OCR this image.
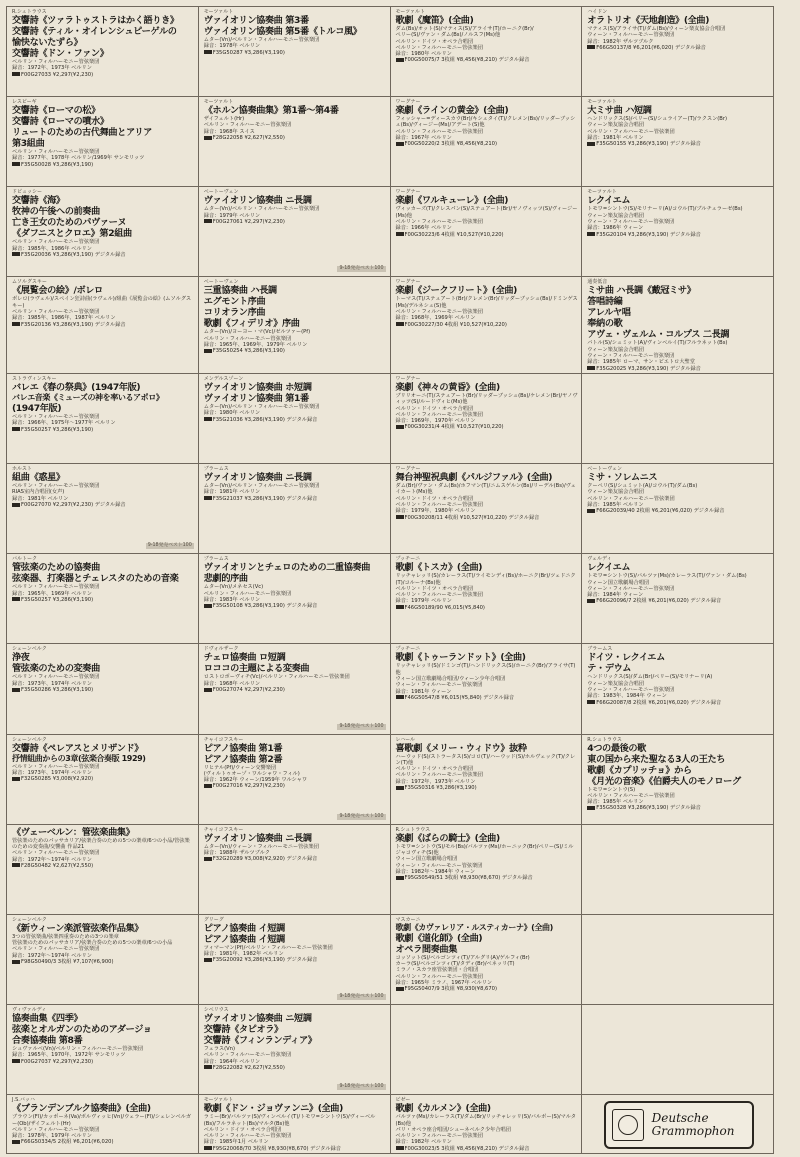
R.シュトラウス
交響詩《ツァラトゥストラはかく語りき》
交響詩《ティル・オイレンシュピーゲルの
愉快ないたずら》
交響詩《ドン・ファン》
ベルリン・フィルハーモニー管弦楽団
録音：1972年、1973年 ベルリン
F00G27033 ¥2,297(¥2,230)
モーツァルト
ヴァイオリン協奏曲 第3番
ヴァイオリン協奏曲 第5番《トルコ風》
ムター(Vn)/ベルリン・フィルハーモニー管弦楽団
録音：1978年 ベルリン
F35G50287 ¥3,286(¥3,190)
モーツァルト
歌劇《魔笛》(全曲)
ダム(Bs)/オット(S)/マティス(S)/アライサ(T)/ホーニク(Br)/
ペリー(S)/ヴァン・ダム(Bs)/ノルスフ(Ms)他
ベルリン・ドイツ・オペラ合唱団
ベルリン・フィルハーモニー管弦楽団
録音：1980年 ベルリン
F00G50075/7 3枚組 ¥8,456(¥8,210) デジタル録音
ハイドン
オラトリオ《天地創造》(全曲)
マティス(S)/アライサ(T)/ダム(Bs)/ウィーン楽友協会合唱団
ウィーン・フィルハーモニー管弦楽団
録音：1982年 ザルツブルク
F66G50137/8 ¥6,201(¥6,020) デジタル録音
レスピーギ
交響詩《ローマの松》
交響詩《ローマの噴水》
リュートのための古代舞曲とアリア
第3組曲
ベルリン・フィルハーモニー管弦楽団
録音：1977年、1978年 ベルリン/1969年 サンモリッツ
F35G50028 ¥3,286(¥3,190)
モーツァルト
《ホルン協奏曲集》第1番〜第4番
ザイフェルト(Hr)
ベルリン・フィルハーモニー管弦楽団
録音：1968年 スイス
F28G22058 ¥2,627(¥2,550)
ワーグナー
楽劇《ラインの黄金》(全曲)
フィッシャー=ディースカウ(Br)/キシュタイ(T)/クレメン(Bs)/リッダーブッシュ(Bs)/ヴィージー(Ms)/アデート(S)他
ベルリン・フィルハーモニー管弦楽団
録音：1967年 ベルリン
F00G50220/2 3枚組 ¥8,456(¥8,210)
モーツァルト
大ミサ曲 ハ短調
ヘンドリックス(S)/ペリー(S)/シュライアー(T)/ラクスン(Br)
ウィーン楽友協会合唱団
ベルリン・フィルハーモニー管弦楽団
録音：1981年 ベルリン
F35G50155 ¥3,286(¥3,190) デジタル録音
ドビュッシー
交響詩《海》
牧神の午後への前奏曲
亡き王女のためのパヴァーヌ
《ダフニスとクロエ》第2組曲
ベルリン・フィルハーモニー管弦楽団
録音：1985年、1986年 ベルリン
F35G20036 ¥3,286(¥3,190) デジタル録音
ベートーヴェン
ヴァイオリン協奏曲 ニ長調
ムター(Vn)/ベルリン・フィルハーモニー管弦楽団
録音：1979年 ベルリン
F00G27061 ¥2,297(¥2,230)
9-18発売ベスト100
ワーグナー
楽劇《ワルキューレ》(全曲)
ヴィッカーズ(T)/クレスパン(S)/ステュアート(Br)/ヤノヴィッツ(S)/ヴィージー(Ms)他
ベルリン・フィルハーモニー管弦楽団
録音：1966年 ベルリン
F00G30223/6 4枚組 ¥10,527(¥10,220)
モーツァルト
レクイエム
トモワ=シントウ(S)/モリナーリ(A)/コウル(T)/ブルチュラーゼ(Bs)
ウィーン楽友協会合唱団
ウィーン・フィルハーモニー管弦楽団
録音：1986年 ウィーン
F35G20104 ¥3,286(¥3,190) デジタル録音
ムソルグスキー
《展覧会の絵》/ボレロ
ボレロ(ラヴェル)/スペイン狂詩曲(ラヴェル)/組曲《展覧会の絵》(ムソルグスキー)
ベルリン・フィルハーモニー管弦楽団
録音：1985年、1986年、1987年 ベルリン
F35G20136 ¥3,286(¥3,190) デジタル録音
ベートーヴェン
三重協奏曲 ハ長調
エグモント序曲
コリオラン序曲
歌劇《フィデリオ》序曲
ムター(Vn)/ヨーヨー・マ(Vc)/ゼルツァー(Pf)
ベルリン・フィルハーモニー管弦楽団
録音：1965年、1969年、1979年 ベルリン
F35G50254 ¥3,286(¥3,190)
ワーグナー
楽劇《ジークフリート》(全曲)
トーマス(T)/ステュアート(Br)/クレメン(Br)/リッダーブッシュ(Bs)/ドミンゲス(Ms)/デルネシュ(S)他
ベルリン・フィルハーモニー管弦楽団
録音：1968年、1969年 ベルリン
F00G30227/30 4枚組 ¥10,527(¥10,220)
通奏低音
ミサ曲 ハ長調《戴冠ミサ》
答唱詩編
アレルヤ唱
奉納の歌
アヴェ・ヴェルム・コルプス 二長調
バトル(S)/シュミット(A)/ヴィンベルイ(T)/フルラネット(Bs)
ウィーン楽友協会合唱団
ウィーン・フィルハーモニー管弦楽団
録音：1985年 ローマ、サン・ピエトロ大聖堂
F35G20025 ¥3,286(¥3,190) デジタル録音
ストラヴィンスキー
バレエ《春の祭典》(1947年版)
バレエ音楽《ミューズの神を率いるアポロ》
(1947年版)
ベルリン・フィルハーモニー管弦楽団
録音：1966年、1975年〜1977年 ベルリン
F35G50257 ¥3,286(¥3,190)
メンデルスゾーン
ヴァイオリン協奏曲 ホ短調
ヴァイオリン協奏曲 第1番
ムター(Vn)/ベルリン・フィルハーモニー管弦楽団
録音：1980年 ベルリン
F35G21036 ¥3,286(¥3,190) デジタル録音
ワーグナー
楽劇《神々の黄昏》(全曲)
ブリリオーニ(T)/ステュアート(Br)/リッダーブッシュ(Bs)/ケレメン(Br)/ヤノヴィッツ(S)/ルードヴィヒ(Ms)他
ベルリン・ドイツ・オペラ合唱団
ベルリン・フィルハーモニー管弦楽団
録音：1969年、1970年 ベルリン
F00G30231/4 4枚組 ¥10,527(¥10,220)
ホルスト
組曲《惑星》
ベルリン・フィルハーモニー管弦楽団
RIAS室内合唱団(女声)
録音：1981年 ベルリン
F00G27070 ¥2,297(¥2,230) デジタル録音
9-18発売ベスト100
ブラームス
ヴァイオリン協奏曲 ニ長調
ムター(Vn)/ベルリン・フィルハーモニー管弦楽団
録音：1981年 ベルリン
F35G21037 ¥3,286(¥3,190) デジタル録音
ワーグナー
舞台神聖祝典劇《パルジファル》(全曲)
ダム(Br)/ヴァン・ダム(Bs)/ホフマン(T)/ニムスゲルン(Bs)/リーデル(Bs)/ヴェイカート(Ms)他
ベルリン・ドイツ・オペラ合唱団
ベルリン・フィルハーモニー管弦楽団
録音：1979年、1980年 ベルリン
F00G30208/11 4枚組 ¥10,527(¥10,220) デジタル録音
ベートーヴェン
ミサ・ソレムニス
クーペリ(S)/シュミット(A)/コウル(T)/ダム(Bs)
ウィーン楽友協会合唱団
ベルリン・フィルハーモニー管弦楽団
録音：1985年 ベルリン
F66G20039/40 2枚組 ¥6,201(¥6,020) デジタル録音
バルトーク
管弦楽のための協奏曲
弦楽器、打楽器とチェレスタのための音楽
ベルリン・フィルハーモニー管弦楽団
録音：1965年、1969年 ベルリン
F35G50257 ¥3,286(¥3,190)
ブラームス
ヴァイオリンとチェロのための二重協奏曲
悲劇的序曲
ムター(Vn)/メネセス(Vc)
ベルリン・フィルハーモニー管弦楽団
録音：1983年 ベルリン
F35G50108 ¥3,286(¥3,190) デジタル録音
プッチーニ
歌劇《トスカ》(全曲)
リッチャレッリ(S)/カレーラス(T)/ライモンディ(Bs)/ホーニク(Br)/ツェドニク(T)/コルーナ(Bs)他
ベルリン・ドイツ・オペラ合唱団
ベルリン・フィルハーモニー管弦楽団
録音：1979年 ベルリン
F46G50189/90 ¥6,015(¥5,840)
ヴェルディ
レクイエム
トモワ=シントウ(S)/バルツァ(Ms)/カレーラス(T)/ヴァン・ダム(Bs)
ウィーン国立歌劇場合唱団
ウィーン・フィルハーモニー管弦楽団
録音：1984年 ウィーン
F66G20096/7 2枚組 ¥6,201(¥6,020) デジタル録音
シェーンベルク
浄夜
管弦楽のための変奏曲
ベルリン・フィルハーモニー管弦楽団
録音：1973年、1974年 ベルリン
F35G50286 ¥3,286(¥3,190)
ドヴォルザーク
チェロ協奏曲 ロ短調
ロココの主題による変奏曲
ロストロポーヴィチ(Vc)/ベルリン・フィルハーモニー管弦楽団
録音：1968年 ベルリン
F00G27074 ¥2,297(¥2,230)
9-18発売ベスト100
プッチーニ
歌劇《トゥーランドット》(全曲)
リッチャレッリ(S)/ドミンゴ(T)/ヘンドリックス(S)/ホーニク(Br)/アライサ(T)他
ウィーン国立歌劇場合唱団/ウィーン少年合唱団
ウィーン・フィルハーモニー管弦楽団
録音：1981年 ウィーン
F46G50547/8 ¥6,015(¥5,840) デジタル録音
ブラームス
ドイツ・レクイエム
テ・デウム
ヘンドリックス(S)/ダム(Br)/ペリー(S)/モリナーリ(A)
ウィーン楽友協会合唱団
ウィーン・フィルハーモニー管弦楽団
録音：1983年、1984年 ウィーン
F66G20087/8 2枚組 ¥6,201(¥6,020) デジタル録音
シェーンベルク
交響詩《ペレアスとメリザンド》
抒情組曲からの3章(弦楽合奏版 1929)
ベルリン・フィルハーモニー管弦楽団
録音：1973年、1974年 ベルリン
F32G50285 ¥3,008(¥2,920)
チャイコフスキー
ピアノ協奏曲 第1番
ピアノ協奏曲 第2番
リヒテル(Pf)/ウィーン交響楽団
(ヴィルトゥオーゾ・ワルシャワ・フィル)
録音：1962年 ウィーン/1959年 ワルシャワ
F00G27016 ¥2,297(¥2,230)
9-18発売ベスト100
レハール
喜歌劇《メリー・ウィドウ》抜粋
ハーウッド(S)/ストラータス(S)/コロ(T)/ハーウッド(S)/ホルヴェック(T)/クレン(T)他
ベルリン・ドイツ・オペラ合唱団
ベルリン・フィルハーモニー管弦楽団
録音：1972年、1973年 ベルリン
F35G50316 ¥3,286(¥3,190)
R.シュトラウス
4つの最後の歌
東の国から来た聖なる3人の王たち
歌劇《カプリッチョ》から
《月光の音楽》《伯爵夫人のモノローグ
トモワ=シントウ(S)
ベルリン・フィルハーモニー管弦楽団
録音：1985年 ベルリン
F35G50328 ¥3,286(¥3,190) デジタル録音
《ヴェーベルン：管弦楽曲集》
管弦楽のためのパッサカリア/弦楽合奏のための5つの楽章/6つの小品/管弦楽のための変奏曲/交響曲 作品21
ベルリン・フィルハーモニー管弦楽団
録音：1972年〜1974年 ベルリン
F28G50482 ¥2,627(¥2,550)
チャイコフスキー
ヴァイオリン協奏曲 ニ長調
ムター(Vn)/ウィーン・フィルハーモニー管弦楽団
録音：1988年 ザルツブルク
F32G20289 ¥3,008(¥2,920) デジタル録音
R.シュトラウス
楽劇《ばらの騎士》(全曲)
トモワ=シントウ(S)/モル(Bs)/バルツァ(Ms)/ホーニック(Br)/ペリー(S)/ミルジャコヴィチ(S)他
ウィーン国立歌劇場合唱団
ウィーン・フィルハーモニー管弦楽団
録音：1982年〜1984年 ウィーン
F95G50549/51 3枚組 ¥8,930(¥8,670) デジタル録音
シェーンベルク
《新ウィーン楽派管弦楽作品集》
3つの管弦楽曲/弦楽四重奏のための3つの楽章
管弦楽のためのパッサカリア/弦楽合奏のための5つの楽章/6つの小品
ベルリン・フィルハーモニー管弦楽団
録音：1972年〜1974年 ベルリン
F98G50490/3 3枚組 ¥7,107(¥6,900)
グリーグ
ピアノ協奏曲 イ短調
ピアノ協奏曲 イ短調
ツィマーマン(Pf)/ベルリン・フィルハーモニー管弦楽団
録音：1981年、1982年 ベルリン
F35G20092 ¥3,286(¥3,190) デジタル録音
9-18発売ベスト100
マスカーニ
歌劇《カヴァレリア・ルスティカーナ》(全曲)
歌劇《道化師》(全曲)
オペラ間奏曲集
コッソット(S)/ベルゴンツィ(T)/アルグリ(A)/ゲルフィ(Br)
カーラ(S)/ベルゴンツィ(T)/タディ(Br)/ベネッリ(T)
ミラノ・スカラ座管弦楽団・合唱団
ベルリン・フィルハーモニー管弦楽団
録音：1965年 ミラノ、1967年 ベルリン
F95G50407/9 3枚組 ¥8,930(¥8,670)
ヴィヴァルディ
協奏曲集《四季》
弦楽とオルガンのためのアダージョ
合奏協奏曲 第8番
シュヴァルベ(Vn)/ベルリン・フィルハーモニー管弦楽団
録音：1965年、1970年、1972年 サンモリッツ
F00G27037 ¥2,297(¥2,230)
シベリウス
ヴァイオリン協奏曲 ニ短調
交響詩《タピオラ》
交響詩《フィンランディア》
フェラス(Vn)
ベルリン・フィルハーモニー管弦楽団
録音：1964年 ベルリン
F28G22082 ¥2,627(¥2,550)
9-18発売ベスト100
J.S.バッハ
《ブランデンブルク協奏曲》(全曲)
ブラウン(Fl)/カッポーネ(Va)/ボルヴィッヒ(Vn)/ウェラー(Fl)/シェレンベルガー(Ob)/ザイフェルト(Hr)
ベルリン・フィルハーモニー管弦楽団
録音：1978年、1979年 ベルリン
F66G50334/5 2枚組 ¥6,201(¥6,020)
モーツァルト
歌劇《ドン・ジョヴァンニ》(全曲)
ラミー(Br)/バルツァ(S)/ヴィンベルイ(T)/トモワ=シントウ(S)/ヴィーベル(Bs)/フルラネット(Bs)/マルタ(Bs)他
ベルリン・ドイツ・オペラ合唱団
ベルリン・フィルハーモニー管弦楽団
録音：1985年1月 ベルリン
F95G20068/70 3枚組 ¥8,930(¥8,670) デジタル録音
ビゼー
歌劇《カルメン》(全曲)
バルツァ(Ms)/カレーラス(T)/ダム(Br)/リッチャレッリ(S)/バルボー(S)/マルタ(Bs)他
パリ・オペラ座合唱団/シューネベルク少年合唱団
ベルリン・フィルハーモニー管弦楽団
録音：1982年 ベルリン
F00G30023/5 3枚組 ¥8,456(¥8,210) デジタル録音
Deutsche
Grammophon
